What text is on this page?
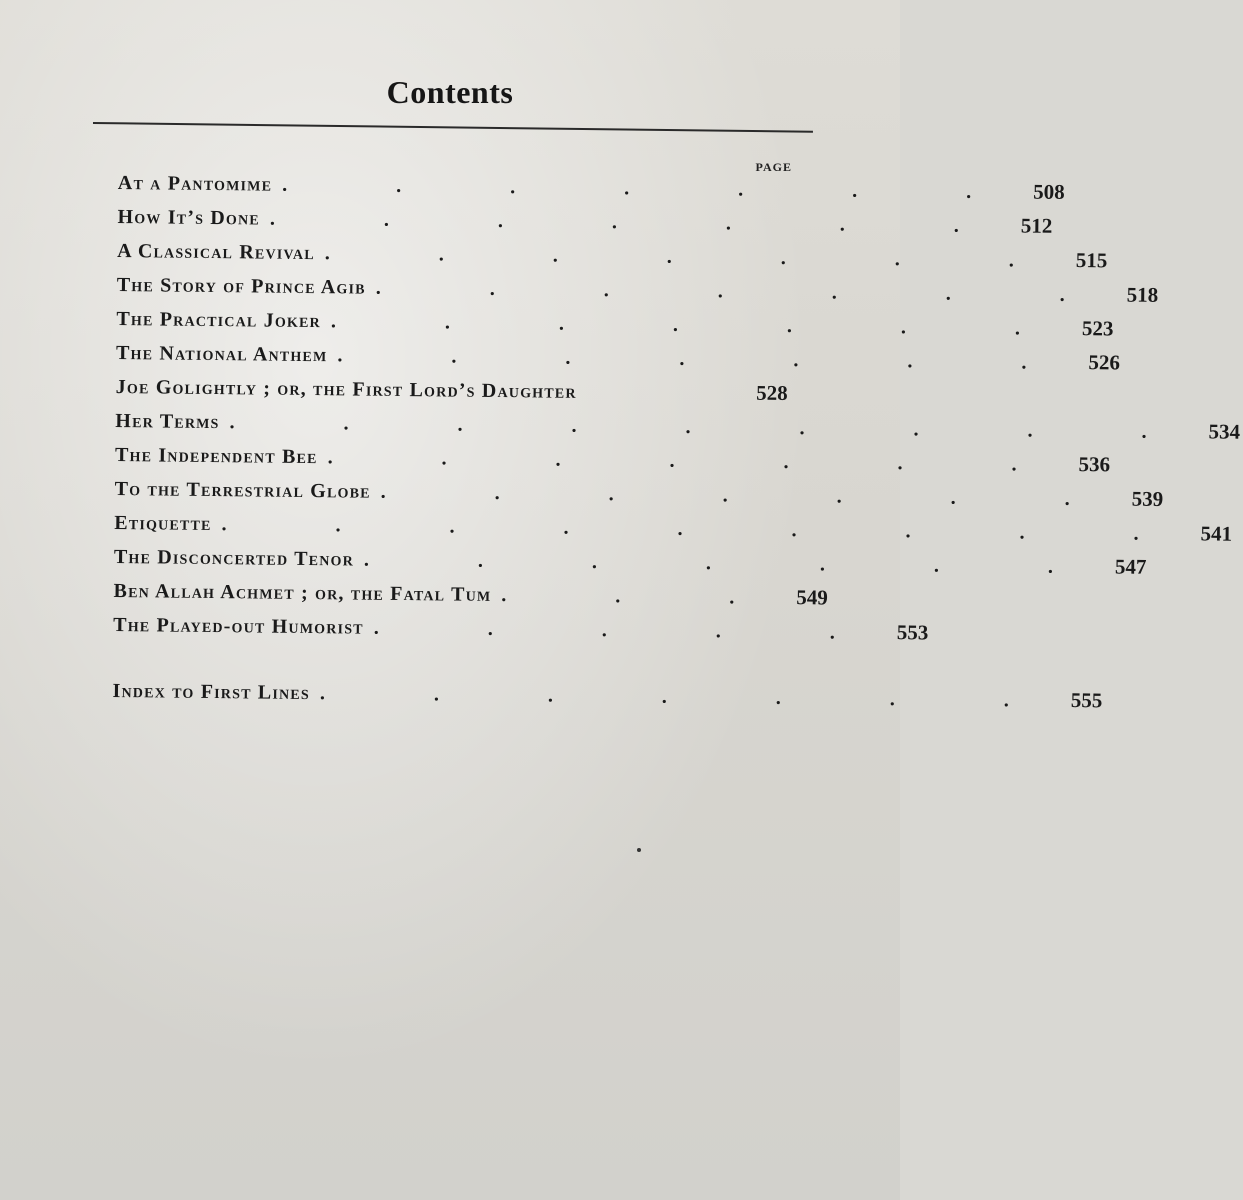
Contents
PAGE
At a Pantomime . . . . . . . 508
How It’s Done . . . . . . . 512
A Classical Revival . . . . . . . 515
The Story of Prince Agib . . . . . . . 518
The Practical Joker . . . . . . . 523
The National Anthem . . . . . . . 526
Joe Golightly ; or, the First Lord’s Daughter	528
Her Terms . . . . . . . . . 534
The Independent Bee . . . . . . . 536
To the Terrestrial Globe . . . . . . . 539
Etiquette . . . . . . . . . 541
The Disconcerted Tenor . . . . . . . 547
Ben Allah Achmet ; or, the Fatal Tum . . . 549
The Played-out Humorist . . . . . 553
Index to First Lines . . . . . . . 555
